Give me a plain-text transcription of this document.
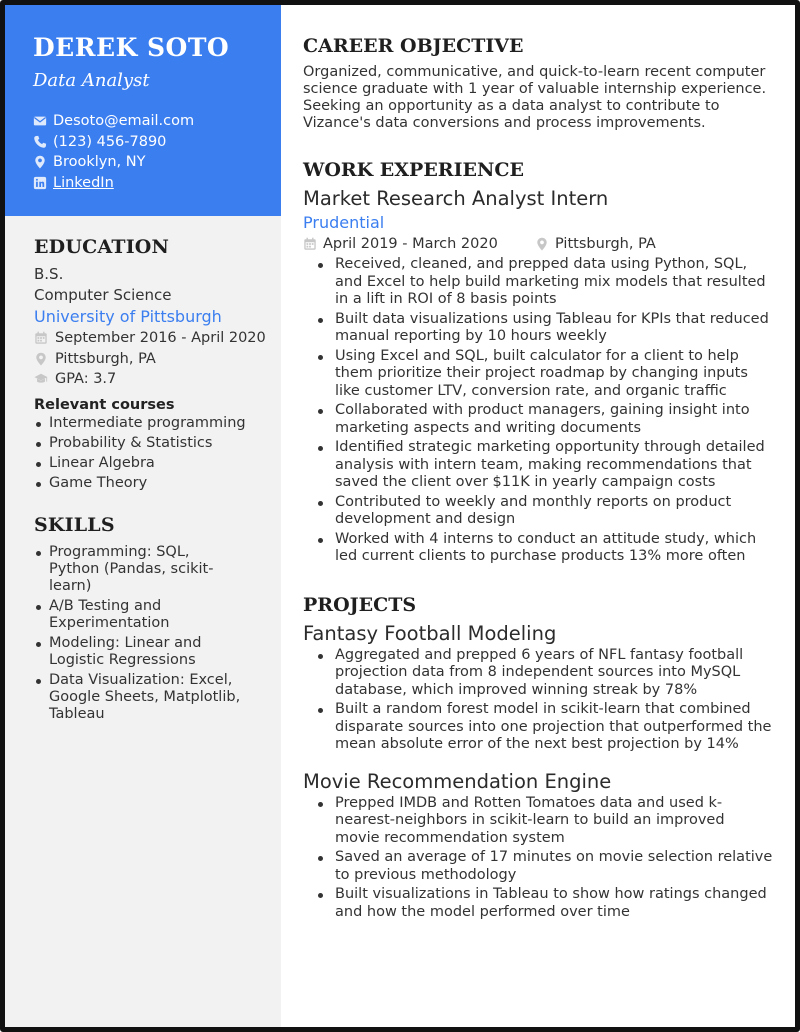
DEREK SOTO
Data Analyst
Desoto@email.com
(123) 456-7890
Brooklyn, NY
LinkedIn
EDUCATION
B.S.
Computer Science
University of Pittsburgh
September 2016 - April 2020
Pittsburgh, PA
GPA: 3.7
Relevant courses
Intermediate programming
Probability & Statistics
Linear Algebra
Game Theory
SKILLS
Programming: SQL, Python (Pandas, scikit-learn)
A/B Testing and Experimentation
Modeling: Linear and Logistic Regressions
Data Visualization: Excel, Google Sheets, Matplotlib, Tableau
CAREER OBJECTIVE
Organized, communicative, and quick-to-learn recent computer science graduate with 1 year of valuable internship experience. Seeking an opportunity as a data analyst to contribute to Vizance's data conversions and process improvements.
WORK EXPERIENCE
Market Research Analyst Intern
Prudential
April 2019 - March 2020	Pittsburgh, PA
Received, cleaned, and prepped data using Python, SQL, and Excel to help build marketing mix models that resulted in a lift in ROI of 8 basis points
Built data visualizations using Tableau for KPIs that reduced manual reporting by 10 hours weekly
Using Excel and SQL, built calculator for a client to help them prioritize their project roadmap by changing inputs like customer LTV, conversion rate, and organic traffic
Collaborated with product managers, gaining insight into marketing aspects and writing documents
Identified strategic marketing opportunity through detailed analysis with intern team, making recommendations that saved the client over $11K in yearly campaign costs
Contributed to weekly and monthly reports on product development and design
Worked with 4 interns to conduct an attitude study, which led current clients to purchase products 13% more often
PROJECTS
Fantasy Football Modeling
Aggregated and prepped 6 years of NFL fantasy football projection data from 8 independent sources into MySQL database, which improved winning streak by 78%
Built a random forest model in scikit-learn that combined disparate sources into one projection that outperformed the mean absolute error of the next best projection by 14%
Movie Recommendation Engine
Prepped IMDB and Rotten Tomatoes data and used k-nearest-neighbors in scikit-learn to build an improved movie recommendation system
Saved an average of 17 minutes on movie selection relative to previous methodology
Built visualizations in Tableau to show how ratings changed and how the model performed over time
